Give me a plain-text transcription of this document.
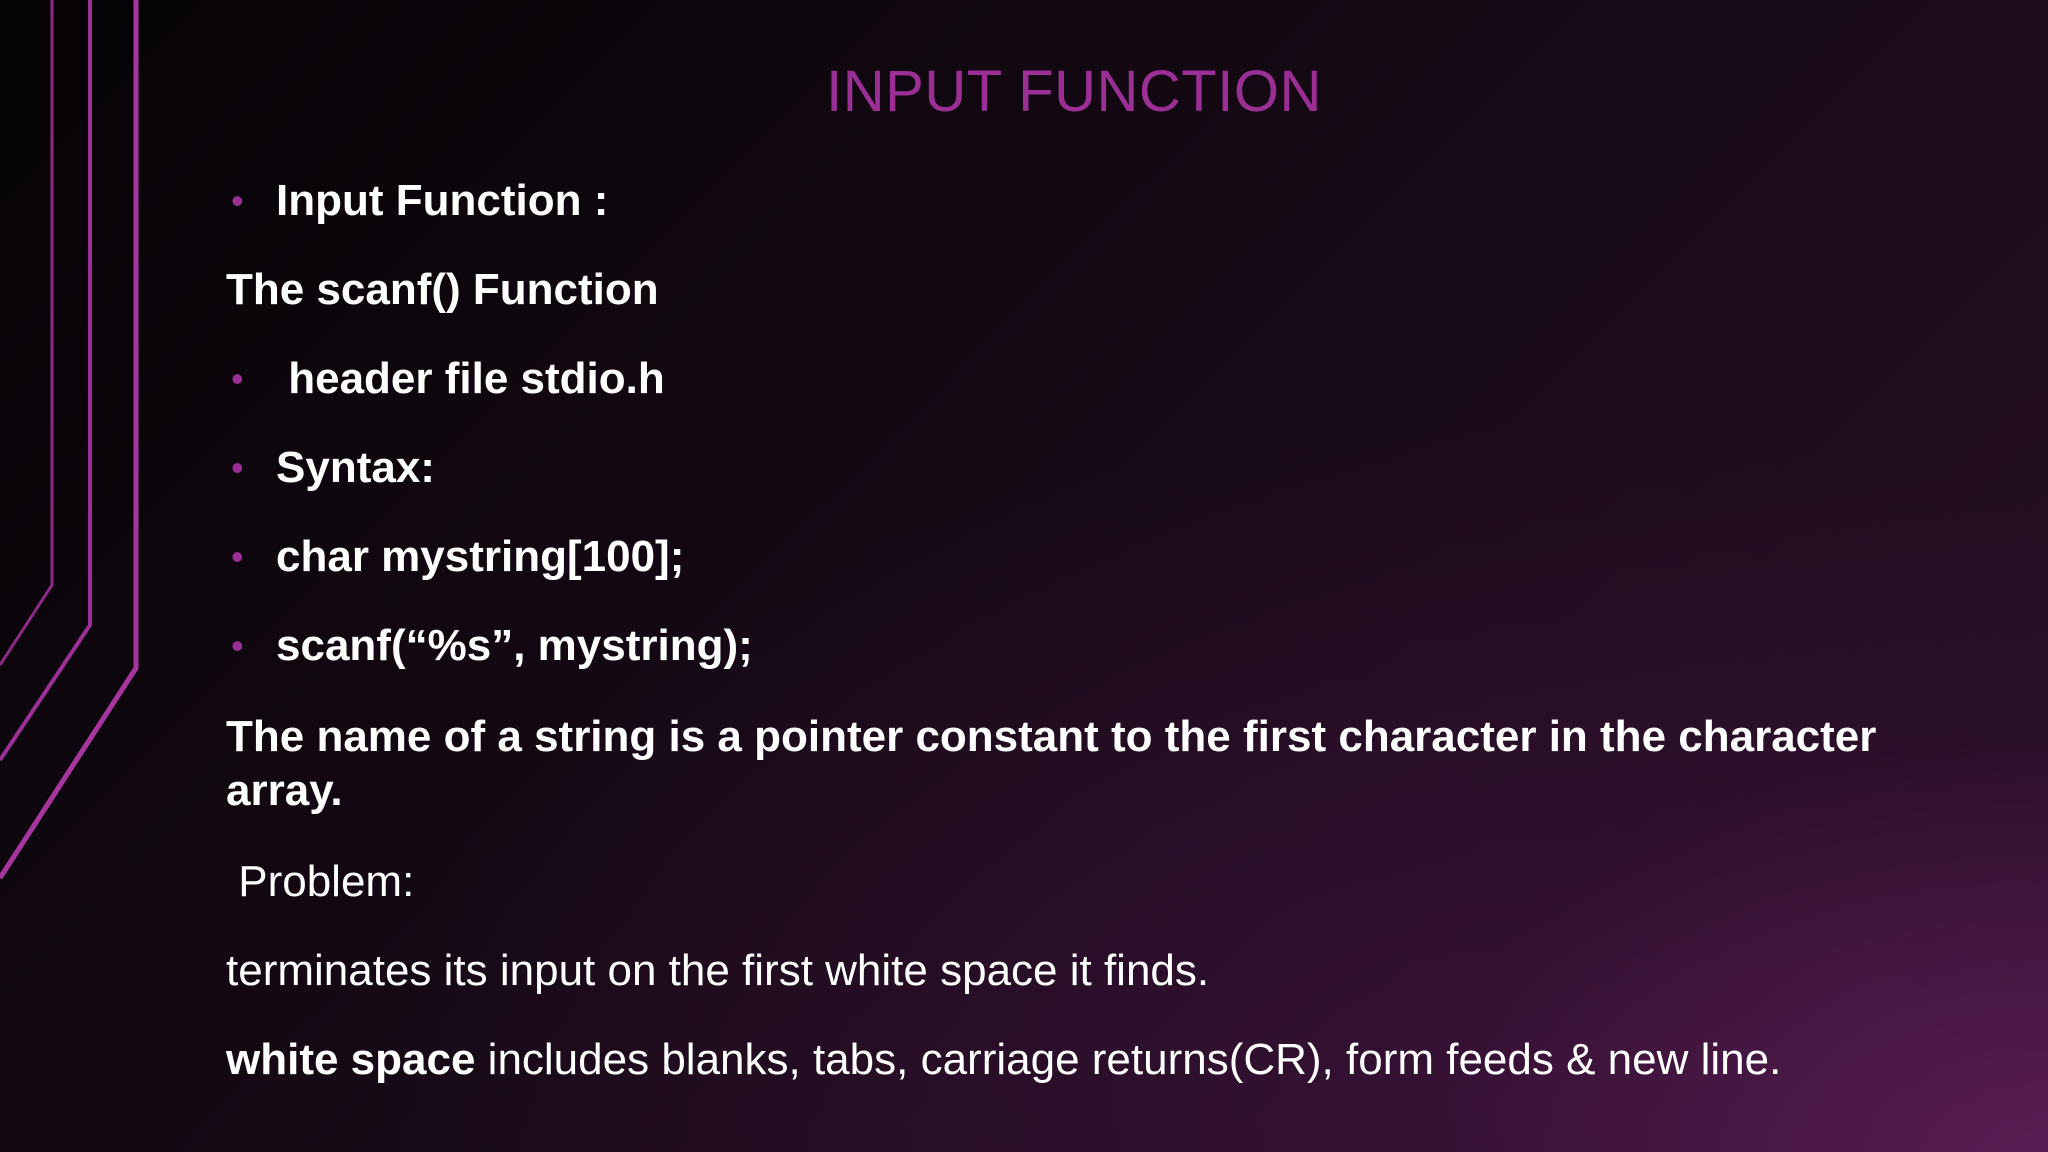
INPUT FUNCTION
• Input Function :
The scanf() Function
• header file stdio.h
• Syntax:
• char mystring[100];
• scanf(“%s”, mystring);
The name of a string is a pointer constant to the first character in the character array.
Problem:
terminates its input on the first white space it finds.
white space includes blanks, tabs, carriage returns(CR), form feeds & new line.
